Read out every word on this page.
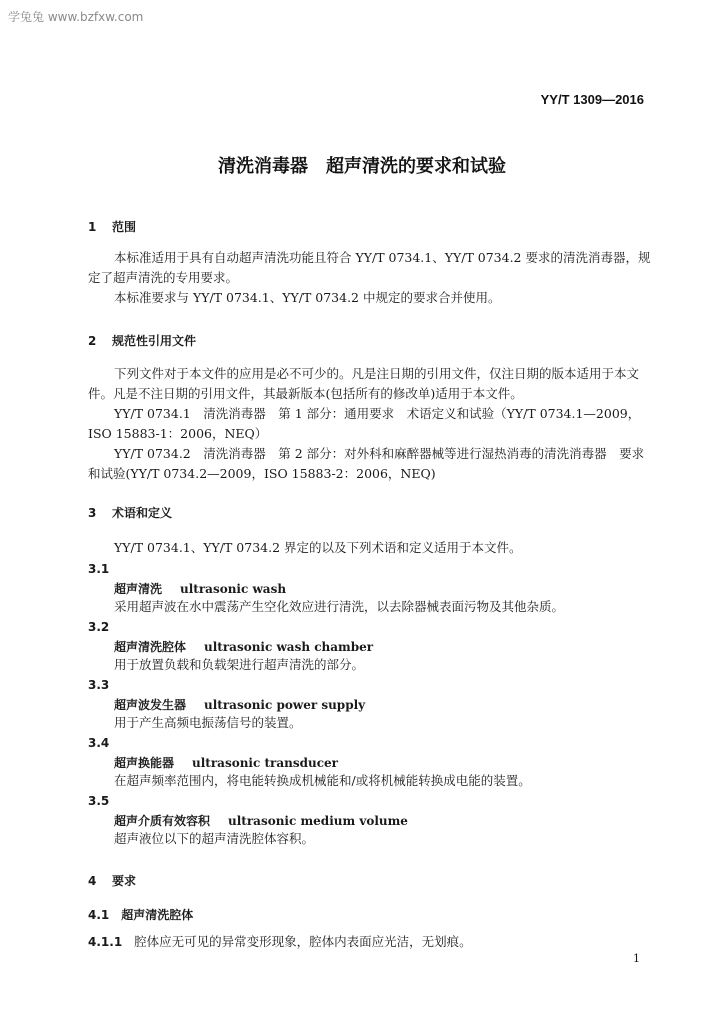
学兔兔 www.bzfxw.com
YY/T 1309—2016
清洗消毒器　超声清洗的要求和试验
1 范围
本标准适用于具有自动超声清洗功能且符合 YY/T 0734.1、YY/T 0734.2 要求的清洗消毒器，规
定了超声清洗的专用要求。
本标准要求与 YY/T 0734.1、YY/T 0734.2 中规定的要求合并使用。
2 规范性引用文件
下列文件对于本文件的应用是必不可少的。凡是注日期的引用文件，仅注日期的版本适用于本文
件。凡是不注日期的引用文件，其最新版本(包括所有的修改单)适用于本文件。
YY/T 0734.1　清洗消毒器　第 1 部分：通用要求　术语定义和试验（YY/T 0734.1—2009，
ISO 15883-1：2006，NEQ）
YY/T 0734.2　清洗消毒器　第 2 部分：对外科和麻醉器械等进行湿热消毒的清洗消毒器　要求
和试验(YY/T 0734.2—2009，ISO 15883-2：2006，NEQ)
3 术语和定义
YY/T 0734.1、YY/T 0734.2 界定的以及下列术语和定义适用于本文件。
3.1
超声清洗 ultrasonic wash
采用超声波在水中震荡产生空化效应进行清洗，以去除器械表面污物及其他杂质。
3.2
超声清洗腔体 ultrasonic wash chamber
用于放置负载和负载架进行超声清洗的部分。
3.3
超声波发生器 ultrasonic power supply
用于产生高频电振荡信号的装置。
3.4
超声换能器 ultrasonic transducer
在超声频率范围内，将电能转换成机械能和/或将机械能转换成电能的装置。
3.5
超声介质有效容积 ultrasonic medium volume
超声液位以下的超声清洗腔体容积。
4 要求
4.1 超声清洗腔体
4.1.1 腔体应无可见的异常变形现象，腔体内表面应光洁，无划痕。
1
